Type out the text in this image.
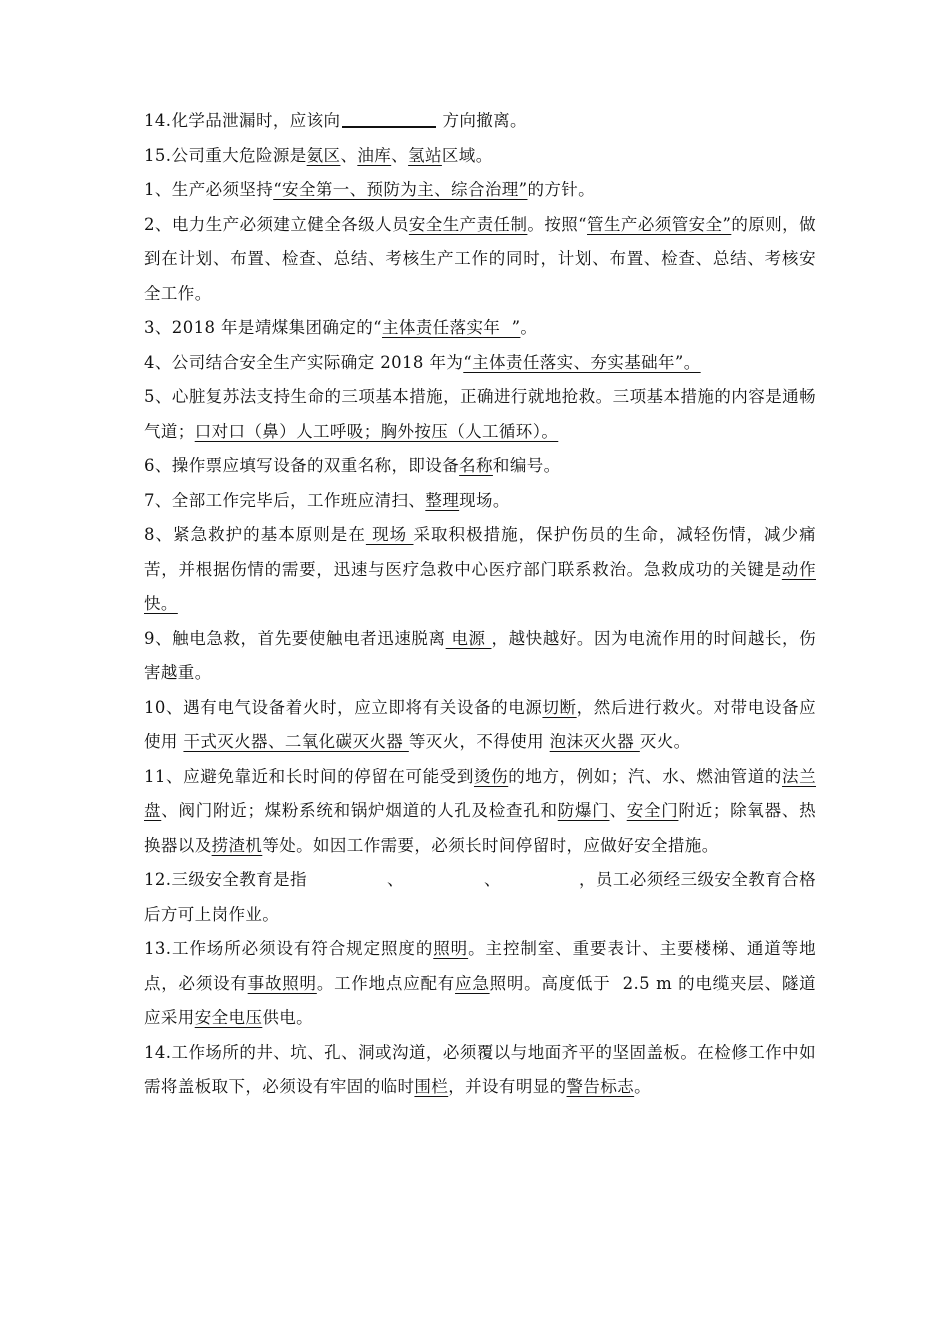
14.化学品泄漏时，应该向	方向撤离。

15.公司重大危险源是氨区、油库、氢站区域。

1、生产必须坚持“安全第一、预防为主、综合治理”的方针。

2、电力生产必须建立健全各级人员安全生产责任制。按照“管生产必须管安全”的原则，做到在计划、布置、检查、总结、考核生产工作的同时，计划、布置、检查、总结、考核安全工作。

3、2018 年是靖煤集团确定的“主体责任落实年  ”。

4、公司结合安全生产实际确定 2018 年为“主体责任落实、夯实基础年”。

5、心脏复苏法支持生命的三项基本措施，正确进行就地抢救。三项基本措施的内容是通畅气道；口对口（鼻）人工呼吸；胸外按压（人工循环）。

6、操作票应填写设备的双重名称，即设备名称和编号。

7、全部工作完毕后，工作班应清扫、整理现场。

8、紧急救护的基本原则是在 现场 采取积极措施，保护伤员的生命，减轻伤情，减少痛苦，并根据伤情的需要，迅速与医疗急救中心医疗部门联系救治。急救成功的关键是动作快。

9、触电急救，首先要使触电者迅速脱离 电源 ，越快越好。因为电流作用的时间越长，伤害越重。

10、遇有电气设备着火时，应立即将有关设备的电源切断，然后进行救火。对带电设备应使用 干式灭火器、二氧化碳灭火器 等灭火，不得使用 泡沫灭火器 灭火。

11、应避免靠近和长时间的停留在可能受到烫伤的地方，例如；汽、水、燃油管道的法兰盘、阀门附近；煤粉系统和锅炉烟道的人孔及检查孔和防爆门、安全门附近；除氧器、热换器以及捞渣机等处。如因工作需要，必须长时间停留时，应做好安全措施。

12.三级安全教育是指	、	、	，员工必须经三级安全教育合格后方可上岗作业。

13.工作场所必须设有符合规定照度的照明。主控制室、重要表计、主要楼梯、通道等地点，必须设有事故照明。工作地点应配有应急照明。高度低于  2.5 m 的电缆夹层、隧道应采用安全电压供电。

14.工作场所的井、坑、孔、洞或沟道，必须覆以与地面齐平的坚固盖板。在检修工作中如需将盖板取下，必须设有牢固的临时围栏，并设有明显的警告标志。
